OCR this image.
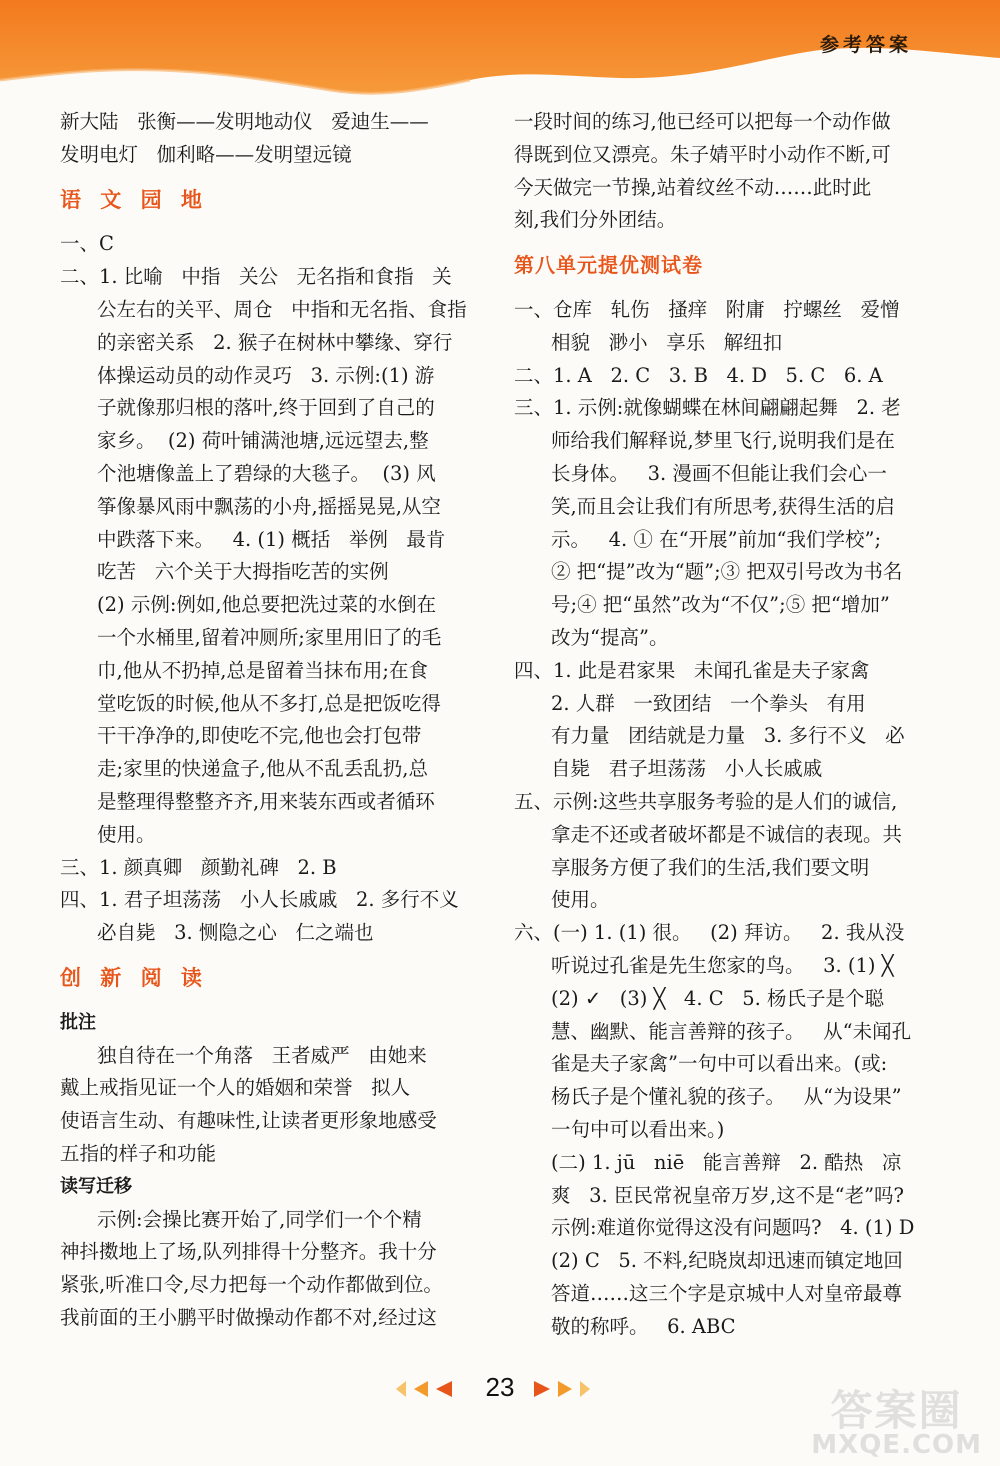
参考答案

新大陆   张衡——发明地动仪   爱迪生——

发明电灯   伽利略——发明望远镜

语 文 园 地

一、C

二、1. 比喻   中指   关公   无名指和食指   关

公左右的关平、周仓   中指和无名指、食指

的亲密关系   2. 猴子在树林中攀缘、穿行

体操运动员的动作灵巧   3. 示例:(1) 游

子就像那归根的落叶,终于回到了自己的

家乡。  (2) 荷叶铺满池塘,远远望去,整

个池塘像盖上了碧绿的大毯子。  (3) 风

筝像暴风雨中飘荡的小舟,摇摇晃晃,从空

中跌落下来。   4. (1) 概括   举例   最肯

吃苦   六个关于大拇指吃苦的实例

(2) 示例:例如,他总要把洗过菜的水倒在

一个水桶里,留着冲厕所;家里用旧了的毛

巾,他从不扔掉,总是留着当抹布用;在食

堂吃饭的时候,他从不多打,总是把饭吃得

干干净净的,即使吃不完,他也会打包带

走;家里的快递盒子,他从不乱丢乱扔,总

是整理得整整齐齐,用来装东西或者循环

使用。

三、1. 颜真卿   颜勤礼碑   2. B

四、1. 君子坦荡荡   小人长戚戚   2. 多行不义

必自毙   3. 恻隐之心   仁之端也

创 新 阅 读

批注

独自待在一个角落   王者威严   由她来

戴上戒指见证一个人的婚姻和荣誉   拟人

使语言生动、有趣味性,让读者更形象地感受

五指的样子和功能

读写迁移

示例:会操比赛开始了,同学们一个个精

神抖擞地上了场,队列排得十分整齐。我十分

紧张,听准口令,尽力把每一个动作都做到位。

我前面的王小鹏平时做操动作都不对,经过这

一段时间的练习,他已经可以把每一个动作做

得既到位又漂亮。朱子婧平时小动作不断,可

今天做完一节操,站着纹丝不动……此时此

刻,我们分外团结。

第八单元提优测试卷

一、仓库   轧伤   搔痒   附庸   拧螺丝   爱憎

相貌   渺小   享乐   解纽扣

二、1. A   2. C   3. B   4. D   5. C   6. A

三、1. 示例:就像蝴蝶在林间翩翩起舞   2. 老

师给我们解释说,梦里飞行,说明我们是在

长身体。   3. 漫画不但能让我们会心一

笑,而且会让我们有所思考,获得生活的启

示。   4. ① 在“开展”前加“我们学校”;

② 把“提”改为“题”;③ 把双引号改为书名

号;④ 把“虽然”改为“不仅”;⑤ 把“增加”

改为“提高”。

四、1. 此是君家果   未闻孔雀是夫子家禽

2. 人群   一致团结   一个拳头   有用

有力量   团结就是力量   3. 多行不义   必

自毙   君子坦荡荡   小人长戚戚

五、示例:这些共享服务考验的是人们的诚信,

拿走不还或者破坏都是不诚信的表现。共

享服务方便了我们的生活,我们要文明

使用。

六、(一) 1. (1) 很。   (2) 拜访。   2. 我从没

听说过孔雀是先生您家的鸟。   3. (1) ╳

(2) ✓   (3) ╳   4. C   5. 杨氏子是个聪

慧、幽默、能言善辩的孩子。   从“未闻孔

雀是夫子家禽”一句中可以看出来。(或:

杨氏子是个懂礼貌的孩子。   从“为设果”

一句中可以看出来。)

(二) 1. jū   niē   能言善辩   2. 酷热   凉

爽   3. 臣民常祝皇帝万岁,这不是“老”吗?

示例:难道你觉得这没有问题吗?   4. (1) D

(2) C   5. 不料,纪晓岚却迅速而镇定地回

答道……这三个字是京城中人对皇帝最尊

敬的称呼。   6. ABC

23	答案圈
MXQE.COM
